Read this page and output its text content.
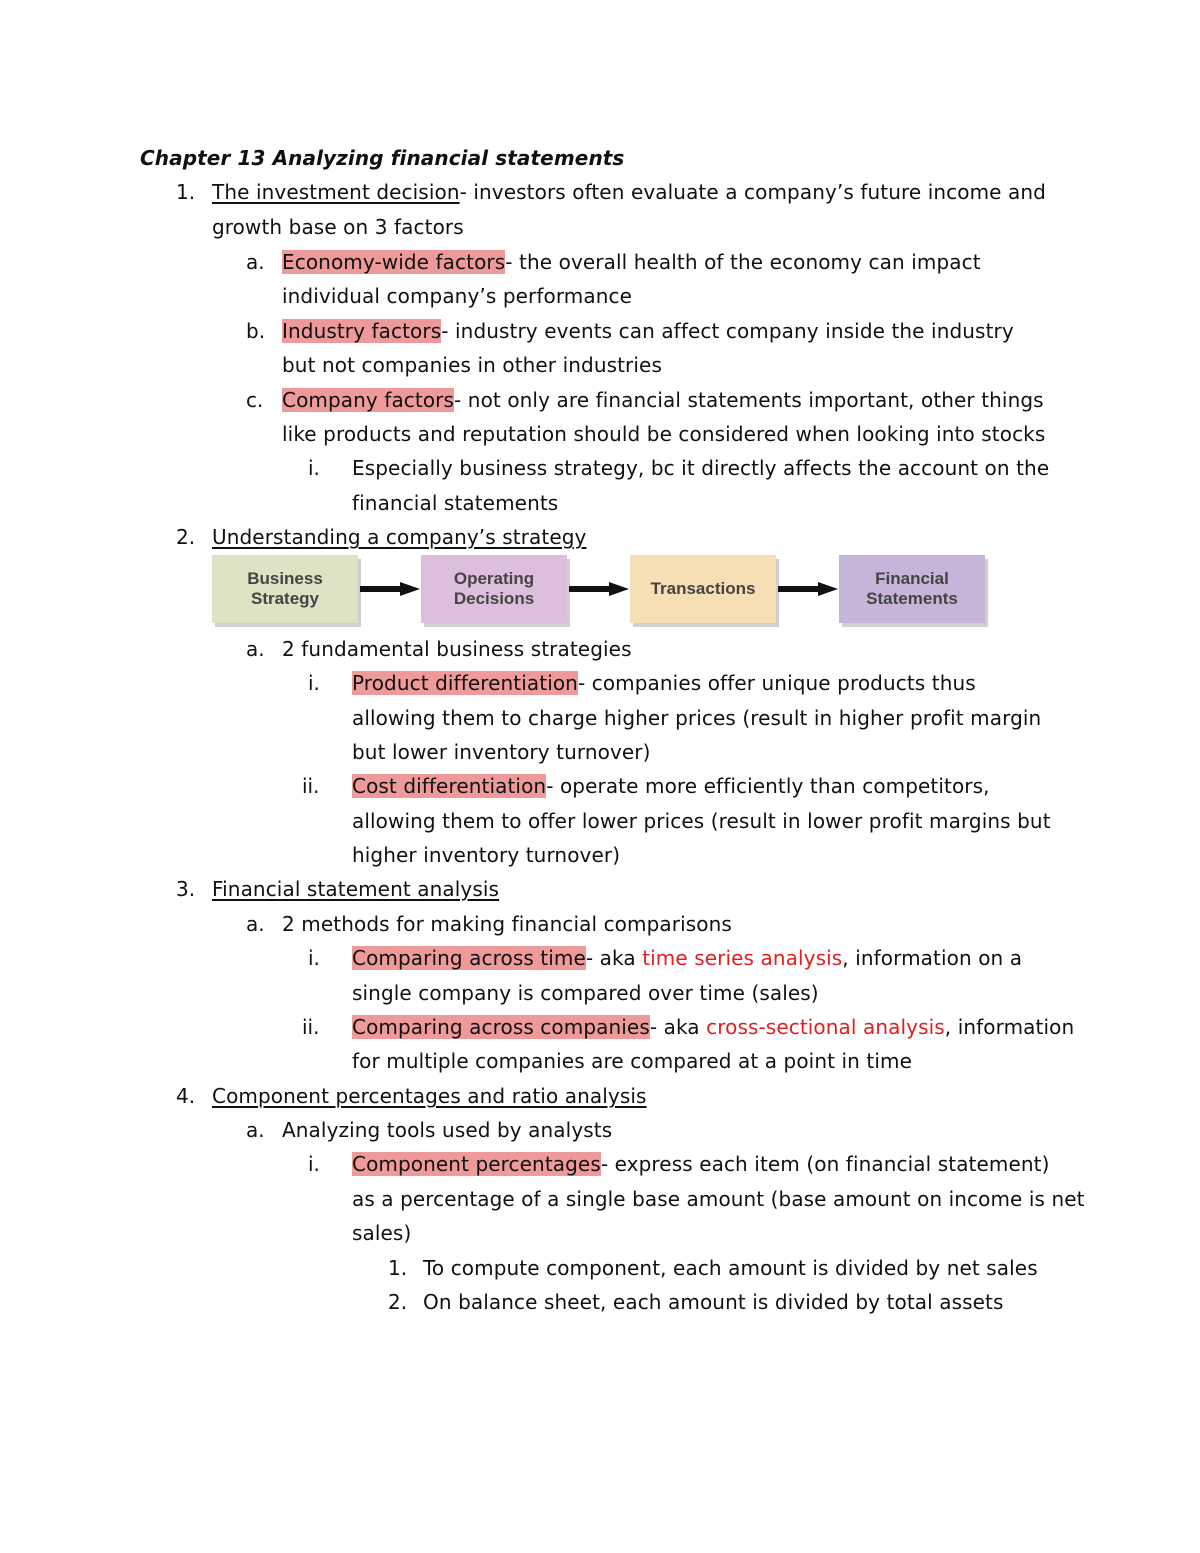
Chapter 13 Analyzing financial statements
1. The investment decision- investors often evaluate a company’s future income and
growth base on 3 factors
a. Economy-wide factors- the overall health of the economy can impact
individual company’s performance
b. Industry factors- industry events can affect company inside the industry
but not companies in other industries
c. Company factors- not only are financial statements important, other things
like products and reputation should be considered when looking into stocks
i. Especially business strategy, bc it directly affects the account on the
financial statements
2. Understanding a company’s strategy
Business
Strategy
Operating
Decisions
Transactions
Financial
Statements
a. 2 fundamental business strategies
i. Product differentiation- companies offer unique products thus
allowing them to charge higher prices (result in higher profit margin
but lower inventory turnover)
ii. Cost differentiation- operate more efficiently than competitors,
allowing them to offer lower prices (result in lower profit margins but
higher inventory turnover)
3. Financial statement analysis
a. 2 methods for making financial comparisons
i. Comparing across time- aka time series analysis, information on a
single company is compared over time (sales)
ii. Comparing across companies- aka cross-sectional analysis, information
for multiple companies are compared at a point in time
4. Component percentages and ratio analysis
a. Analyzing tools used by analysts
i. Component percentages- express each item (on financial statement)
as a percentage of a single base amount (base amount on income is net
sales)
1. To compute component, each amount is divided by net sales
2. On balance sheet, each amount is divided by total assets
